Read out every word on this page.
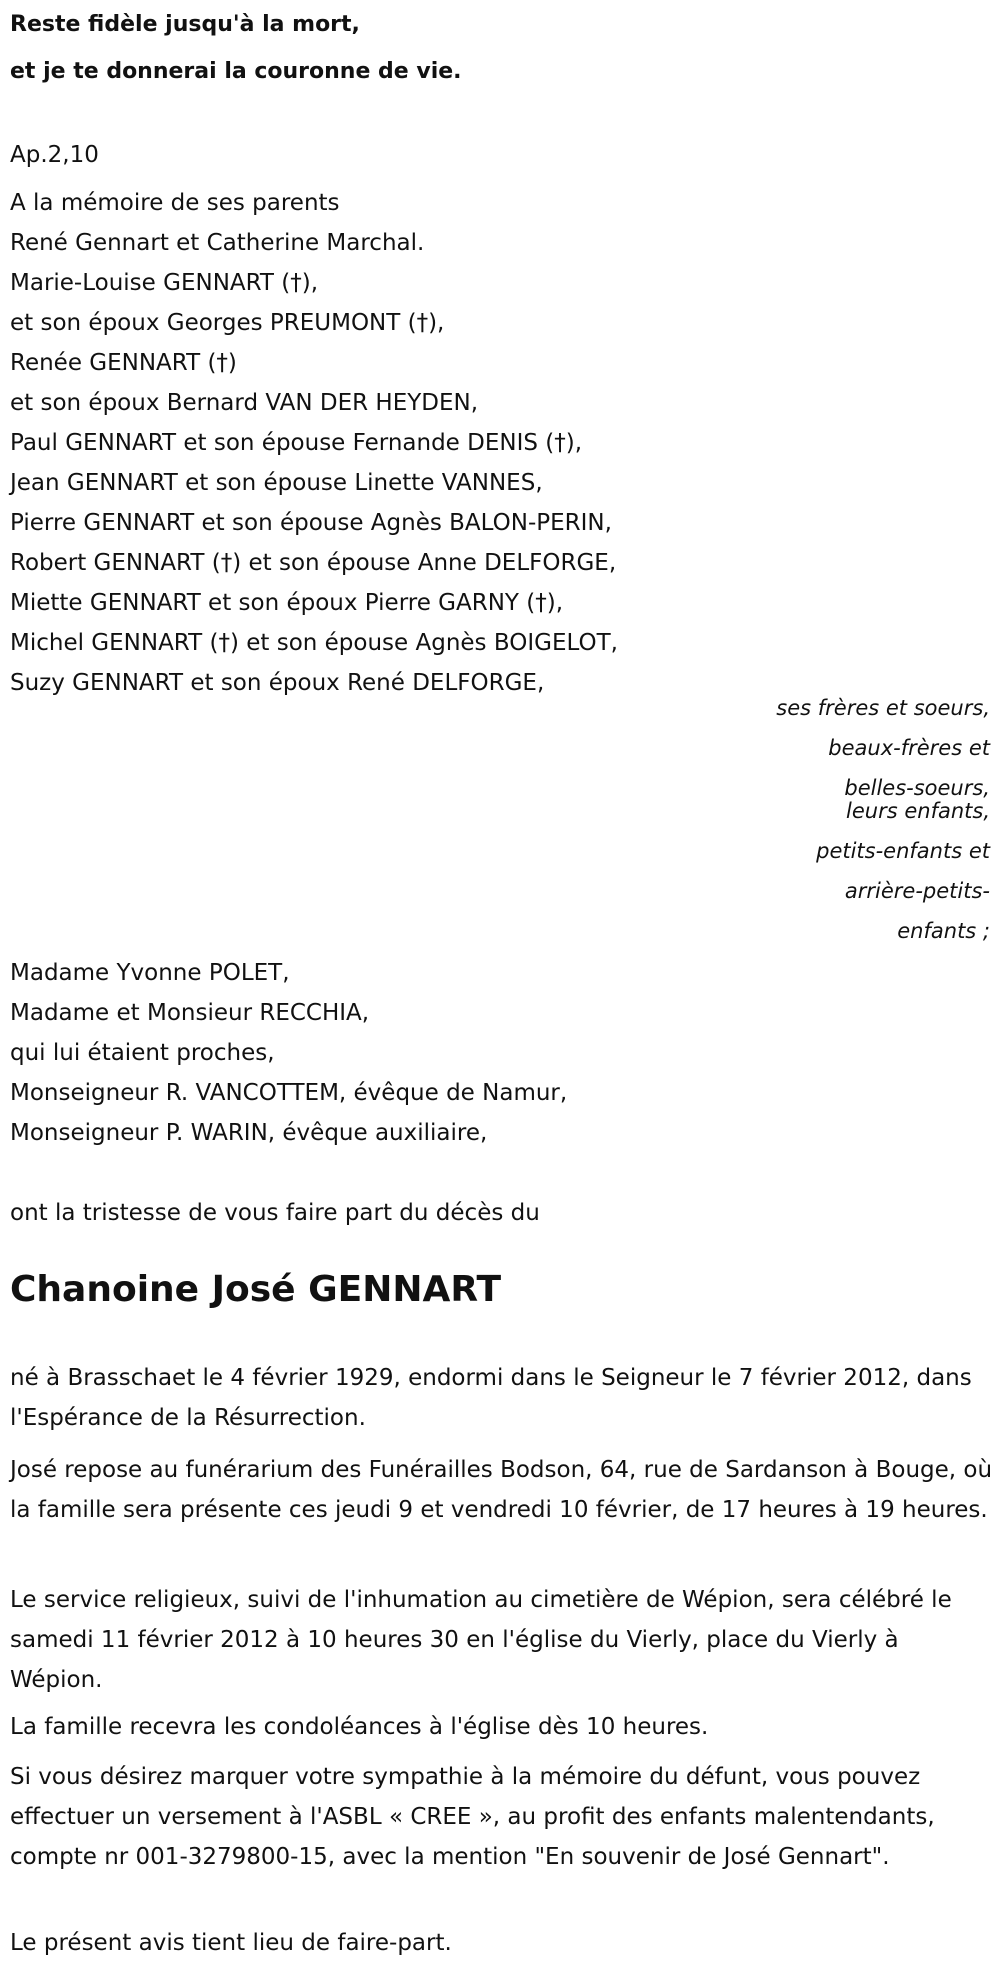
Reste fidèle jusqu'à la mort,
et je te donnerai la couronne de vie.
Ap.2,10
A la mémoire de ses parents
René Gennart et Catherine Marchal.
Marie-Louise GENNART (†),
et son époux Georges PREUMONT (†),
Renée GENNART (†)
et son époux Bernard VAN DER HEYDEN,
Paul GENNART et son épouse Fernande DENIS (†),
Jean GENNART et son épouse Linette VANNES,
Pierre GENNART et son épouse Agnès BALON-PERIN,
Robert GENNART (†) et son épouse Anne DELFORGE,
Miette GENNART et son époux Pierre GARNY (†),
Michel GENNART (†) et son épouse Agnès BOIGELOT,
Suzy GENNART et son époux René DELFORGE,
ses frères et soeurs,
beaux-frères et
belles-soeurs,
leurs enfants,
petits-enfants et
arrière-petits-
enfants ;
Madame Yvonne POLET,
Madame et Monsieur RECCHIA,
qui lui étaient proches,
Monseigneur R. VANCOTTEM, évêque de Namur,
Monseigneur P. WARIN, évêque auxiliaire,
ont la tristesse de vous faire part du décès du
Chanoine José GENNART
né à Brasschaet le 4 février 1929, endormi dans le Seigneur le 7 février 2012, dans l'Espérance de la Résurrection.
José repose au funérarium des Funérailles Bodson, 64, rue de Sardanson à Bouge, où la famille sera présente ces jeudi 9 et vendredi 10 février, de 17 heures à 19 heures.
Le service religieux, suivi de l'inhumation au cimetière de Wépion, sera célébré le samedi 11 février 2012 à 10 heures 30 en l'église du Vierly, place du Vierly à Wépion.
La famille recevra les condoléances à l'église dès 10 heures.
Si vous désirez marquer votre sympathie à la mémoire du défunt, vous pouvez effectuer un versement à l'ASBL « CREE », au profit des enfants malentendants, compte nr 001-3279800-15, avec la mention "En souvenir de José Gennart".
Le présent avis tient lieu de faire-part.
